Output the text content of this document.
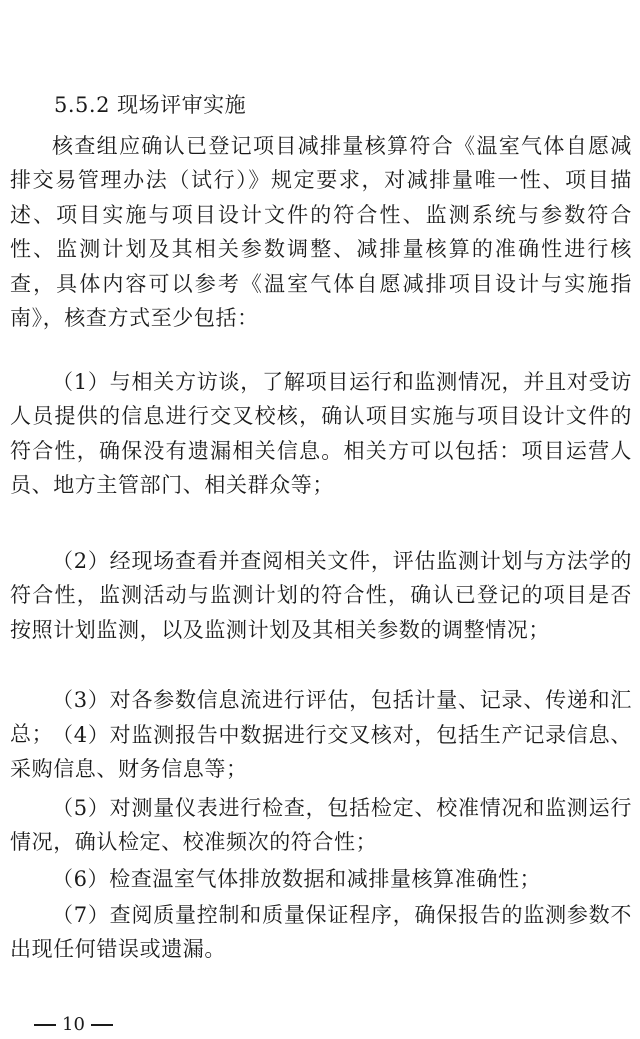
5.5.2 现场评审实施

核查组应确认已登记项目减排量核算符合《温室气体自愿减排交易管理办法（试行）》规定要求，对减排量唯一性、项目描述、项目实施与项目设计文件的符合性、监测系统与参数符合性、监测计划及其相关参数调整、减排量核算的准确性进行核查，具体内容可以参考《温室气体自愿减排项目设计与实施指南》，核查方式至少包括：

（1）与相关方访谈，了解项目运行和监测情况，并且对受访人员提供的信息进行交叉校核，确认项目实施与项目设计文件的符合性，确保没有遗漏相关信息。相关方可以包括：项目运营人员、地方主管部门、相关群众等；

（2）经现场查看并查阅相关文件，评估监测计划与方法学的符合性，监测活动与监测计划的符合性，确认已登记的项目是否按照计划监测，以及监测计划及其相关参数的调整情况；

（3）对各参数信息流进行评估，包括计量、记录、传递和汇总；

（4）对监测报告中数据进行交叉核对，包括生产记录信息、采购信息、财务信息等；

（5）对测量仪表进行检查，包括检定、校准情况和监测运行情况，确认检定、校准频次的符合性；

（6）检查温室气体排放数据和减排量核算准确性；

（7）查阅质量控制和质量保证程序，确保报告的监测参数不出现任何错误或遗漏。

10
